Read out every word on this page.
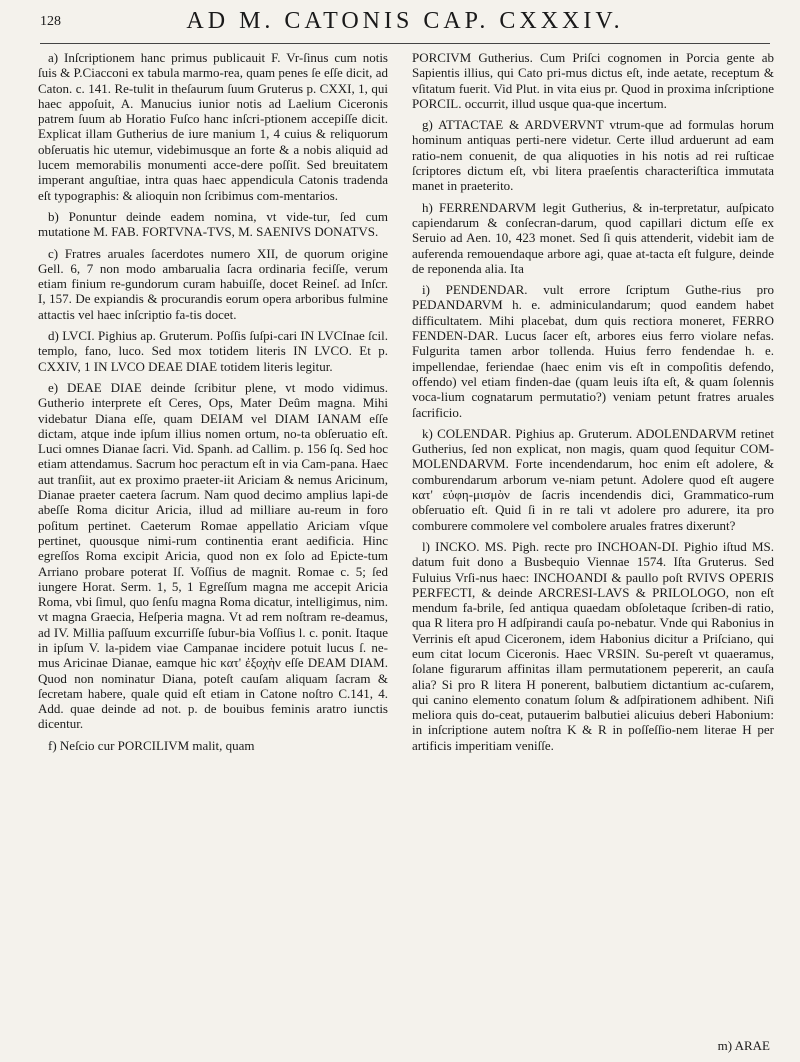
128	AD M. CATONIS CAP. CXXXIV.

a) Inſcriptionem hanc primus publicauit F. Vr-ſinus cum notis ſuis & P.Ciacconi ex tabula marmo-rea, quam penes ſe eſſe dicit, ad Caton. c. 141. Re-tulit in theſaurum ſuum Gruterus p. CXXI, 1, qui haec appoſuit, A. Manucius iunior notis ad Laelium Ciceronis patrem ſuum ab Horatio Fuſco hanc inſcri-ptionem accepiſſe dicit. Explicat illam Gutherius de iure manium 1, 4 cuius & reliquorum obſeruatis hic utemur, videbimusque an forte & a nobis aliquid ad lucem memorabilis monumenti acce-dere poſſit. Sed breuitatem imperant anguſtiae, intra quas haec appendicula Catonis tradenda eſt typographis: & alioquin non ſcribimus com-mentarios.

b) Ponuntur deinde eadem nomina, vt vide-tur, ſed cum mutatione M. FAB. FORTVNA-TVS, M. SAENIVS DONATVS.

c) Fratres aruales ſacerdotes numero XII, de quorum origine Gell. 6, 7 non modo ambarualia ſacra ordinaria feciſſe, verum etiam finium re-gundorum curam habuiſſe, docet Reineſ. ad Inſcr. I, 157. De expiandis & procurandis eorum opera arboribus fulmine attactis vel haec inſcriptio fa-tis docet.

d) LVCI. Pighius ap. Gruterum. Poſſis ſuſpi-cari IN LVCInae ſcil. templo, fano, luco. Sed mox totidem literis IN LVCO. Et p. CXXIV, 1 IN LVCO DEAE DIAE totidem literis legitur.

e) DEAE DIAE deinde ſcribitur plene, vt modo vidimus. Gutherio interprete eſt Ceres, Ops, Mater Deûm magna. Mihi videbatur Diana eſſe, quam DEIAM vel DIAM IANAM eſſe dictam, atque inde ipſum illius nomen ortum, no-ta obſeruatio eſt. Luci omnes Dianae ſacri. Vid. Spanh. ad Callim. p. 156 ſq. Sed hoc etiam attendamus. Sacrum hoc peractum eſt in via Cam-pana. Haec aut tranſiit, aut ex proximo praeter-iit Ariciam & nemus Aricinum, Dianae praeter caetera ſacrum. Nam quod decimo amplius lapi-de abeſſe Roma dicitur Aricia, illud ad milliare au-reum in foro poſitum pertinet. Caeterum Romae appellatio Ariciam vſque pertinet, quousque nimi-rum continentia erant aedificia. Hinc egreſſos Roma excipit Aricia, quod non ex ſolo ad Epicte-tum Arriano probare poterat Iſ. Voſſius de magnit. Romae c. 5; ſed iungere Horat. Serm. 1, 5, 1 Egreſſum magna me accepit Aricia Roma, vbi ſimul, quo ſenſu magna Roma dicatur, intelligimus, nim. vt magna Graecia, Heſperia magna. Vt ad rem noſtram re-deamus, ad IV. Millia paſſuum excurriſſe ſubur-bia Voſſius l. c. ponit. Itaque in ipſum V. la-pidem viae Campanae incidere potuit lucus ſ. ne-mus Aricinae Dianae, eamque hic κατ' ἐξοχὴν eſſe DEAM DIAM. Quod non nominatur Diana, poteſt cauſam aliquam ſacram & ſecretam habere, quale quid eſt etiam in Catone noſtro C.141, 4. Add. quae deinde ad not. p. de bouibus feminis aratro iunctis dicentur.

f) Neſcio cur PORCILIVM malit, quam

PORCIVM Gutherius. Cum Priſci cognomen in Porcia gente ab Sapientis illius, qui Cato pri-mus dictus eſt, inde aetate, receptum & vſitatum fuerit. Vid Plut. in vita eius pr. Quod in proxima inſcriptione PORCIL. occurrit, illud usque qua-que incertum.

g) ATTACTAE & ARDVERVNT vtrum-que ad formulas horum hominum antiquas perti-nere videtur. Certe illud arduerunt ad eam ratio-nem conuenit, de qua aliquoties in his notis ad rei ruſticae ſcriptores dictum eſt, vbi litera praeſentis characteriſtica immutata manet in praeterito.

h) FERRENDARVM legit Gutherius, & in-terpretatur, auſpicato capiendarum & conſecran-darum, quod capillari dictum eſſe ex Seruio ad Aen. 10, 423 monet. Sed ſi quis attenderit, videbit iam de auferenda remouendaque arbore agi, quae at-tacta eſt fulgure, deinde de reponenda alia. Ita

i) PENDENDAR. vult errore ſcriptum Guthe-rius pro PEDANDARVM h. e. adminiculandarum; quod eandem habet difficultatem. Mihi placebat, dum quis rectiora moneret, FERRO FENDEN-DAR. Lucus ſacer eſt, arbores eius ferro violare nefas. Fulgurita tamen arbor tollenda. Huius ferro fendendae h. e. impellendae, feriendae (haec enim vis eſt in compoſitis defendo, offendo) vel etiam finden-dae (quam leuis iſta eſt, & quam ſolennis voca-lium cognatarum permutatio?) veniam petunt fratres aruales ſacrificio.

k) COLENDAR. Pighius ap. Gruterum. ADOLENDARVM retinet Gutherius, ſed non explicat, non magis, quam quod ſequitur COM-MOLENDARVM. Forte incendendarum, hoc enim eſt adolere, & comburendarum arborum ve-niam petunt. Adolere quod eſt augere κατ' εὐφη-μισμὸν de ſacris incendendis dici, Grammatico-rum obſeruatio eſt. Quid ſi in re tali vt adolere pro adurere, ita pro comburere commolere vel combolere aruales fratres dixerunt?

l) INCKO. MS. Pigh. recte pro INCHOAN-DI. Pighio iſtud MS. datum fuit dono a Busbequio Viennae 1574. Iſta Gruterus. Sed Fuluius Vrſi-nus haec: INCHOANDI & paullo poſt RVIVS OPERIS PERFECTI, & deinde ARCRESI-LAVS & PRILOLOGO, non eſt mendum fa-brile, ſed antiqua quaedam obſoletaque ſcriben-di ratio, qua R litera pro H adſpirandi cauſa po-nebatur. Vnde qui Rabonius in Verrinis eſt apud Ciceronem, idem Habonius dicitur a Priſciano, qui eum citat locum Ciceronis. Haec VRSIN. Su-pereſt vt quaeramus, ſolane figurarum affinitas illam permutationem pepererit, an cauſa alia? Si pro R litera H ponerent, balbutiem dictantium ac-cuſarem, qui canino elemento conatum ſolum & adſpirationem adhibent. Niſi meliora quis do-ceat, putauerim balbutiei alicuius deberi Habonium: in inſcriptione autem noſtra K & R in poſſeſſio-nem literae H per artificis imperitiam veniſſe.

m) ARAE
